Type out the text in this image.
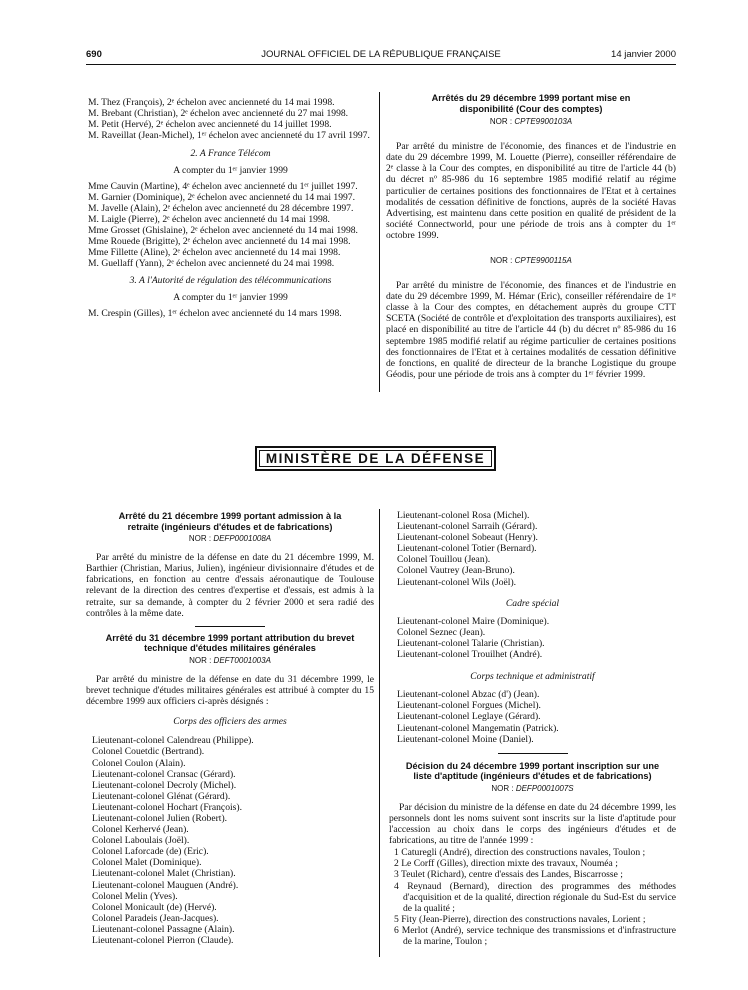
690	JOURNAL OFFICIEL DE LA RÉPUBLIQUE FRANÇAISE	14 janvier 2000

M. Thez (François), 2ᵉ échelon avec ancienneté du 14 mai 1998.

M. Brebant (Christian), 2ᵉ échelon avec ancienneté du 27 mai 1998.

M. Petit (Hervé), 2ᵉ échelon avec ancienneté du 14 juillet 1998.

M. Raveillat (Jean-Michel), 1ᵉʳ échelon avec ancienneté du 17 avril 1997.

2. A France Télécom

A compter du 1ᵉʳ janvier 1999

Mme Cauvin (Martine), 4ᵉ échelon avec ancienneté du 1ᵉʳ juillet 1997.

M. Garnier (Dominique), 2ᵉ échelon avec ancienneté du 14 mai 1997.

M. Javelle (Alain), 2ᵉ échelon avec ancienneté du 28 décembre 1997.

M. Laigle (Pierre), 2ᵉ échelon avec ancienneté du 14 mai 1998.

Mme Grosset (Ghislaine), 2ᵉ échelon avec ancienneté du 14 mai 1998.

Mme Rouede (Brigitte), 2ᵉ échelon avec ancienneté du 14 mai 1998.

Mme Fillette (Aline), 2ᵉ échelon avec ancienneté du 14 mai 1998.

M. Guellaff (Yann), 2ᵉ échelon avec ancienneté du 24 mai 1998.

3. A l'Autorité de régulation des télécommunications

A compter du 1ᵉʳ janvier 1999

M. Crespin (Gilles), 1ᵉʳ échelon avec ancienneté du 14 mars 1998.

Arrêtés du 29 décembre 1999 portant mise en disponibilité (Cour des comptes)
NOR : CPTE9900103A

Par arrêté du ministre de l'économie, des finances et de l'industrie en date du 29 décembre 1999, M. Louette (Pierre), conseiller référendaire de 2ᵉ classe à la Cour des comptes, en disponibilité au titre de l'article 44 (b) du décret nº 85-986 du 16 septembre 1985 modifié relatif au régime particulier de certaines positions des fonctionnaires de l'Etat et à certaines modalités de cessation définitive de fonctions, auprès de la société Havas Advertising, est maintenu dans cette position en qualité de président de la société Connectworld, pour une période de trois ans à compter du 1ᵉʳ octobre 1999.

NOR : CPTE9900115A

Par arrêté du ministre de l'économie, des finances et de l'industrie en date du 29 décembre 1999, M. Hémar (Eric), conseiller référendaire de 1ʳᵉ classe à la Cour des comptes, en détachement auprès du groupe CTT SCETA (Société de contrôle et d'exploitation des transports auxiliaires), est placé en disponibilité au titre de l'article 44 (b) du décret nº 85-986 du 16 septembre 1985 modifié relatif au régime particulier de certaines positions des fonctionnaires de l'Etat et à certaines modalités de cessation définitive de fonctions, en qualité de directeur de la branche Logistique du groupe Géodis, pour une période de trois ans à compter du 1ᵉʳ février 1999.

MINISTÈRE DE LA DÉFENSE
Arrêté du 21 décembre 1999 portant admission à la retraite (ingénieurs d'études et de fabrications)
NOR : DEFP0001008A

Par arrêté du ministre de la défense en date du 21 décembre 1999, M. Barthier (Christian, Marius, Julien), ingénieur divisionnaire d'études et de fabrications, en fonction au centre d'essais aéronautique de Toulouse relevant de la direction des centres d'expertise et d'essais, est admis à la retraite, sur sa demande, à compter du 2 février 2000 et sera radié des contrôles à la même date.

Arrêté du 31 décembre 1999 portant attribution du brevet technique d'études militaires générales
NOR : DEFT0001003A

Par arrêté du ministre de la défense en date du 31 décembre 1999, le brevet technique d'études militaires générales est attribué à compter du 15 décembre 1999 aux officiers ci-après désignés :

Corps des officiers des armes

Lieutenant-colonel Calendreau (Philippe).

Colonel Couetdic (Bertrand).

Colonel Coulon (Alain).

Lieutenant-colonel Cransac (Gérard).

Lieutenant-colonel Decroly (Michel).

Lieutenant-colonel Glénat (Gérard).

Lieutenant-colonel Hochart (François).

Lieutenant-colonel Julien (Robert).

Colonel Kerhervé (Jean).

Colonel Laboulais (Joël).

Colonel Laforcade (de) (Eric).

Colonel Malet (Dominique).

Lieutenant-colonel Malet (Christian).

Lieutenant-colonel Mauguen (André).

Colonel Melin (Yves).

Colonel Monicault (de) (Hervé).

Colonel Paradeis (Jean-Jacques).

Lieutenant-colonel Passagne (Alain).

Lieutenant-colonel Pierron (Claude).

Lieutenant-colonel Rosa (Michel).

Lieutenant-colonel Sarraih (Gérard).

Lieutenant-colonel Sobeaut (Henry).

Lieutenant-colonel Totier (Bernard).

Colonel Touillou (Jean).

Colonel Vautrey (Jean-Bruno).

Lieutenant-colonel Wils (Joël).

Cadre spécial

Lieutenant-colonel Maire (Dominique).

Colonel Seznec (Jean).

Lieutenant-colonel Talarie (Christian).

Lieutenant-colonel Trouilhet (André).

Corps technique et administratif

Lieutenant-colonel Abzac (d') (Jean).

Lieutenant-colonel Forgues (Michel).

Lieutenant-colonel Leglaye (Gérard).

Lieutenant-colonel Mangematin (Patrick).

Lieutenant-colonel Moine (Daniel).

Décision du 24 décembre 1999 portant inscription sur une liste d'aptitude (ingénieurs d'études et de fabrications)
NOR : DEFP0001007S

Par décision du ministre de la défense en date du 24 décembre 1999, les personnels dont les noms suivent sont inscrits sur la liste d'aptitude pour l'accession au choix dans le corps des ingénieurs d'études et de fabrications, au titre de l'année 1999 :

1 Caturegli (André), direction des constructions navales, Toulon ;

2 Le Corff (Gilles), direction mixte des travaux, Nouméa ;

3 Teulet (Richard), centre d'essais des Landes, Biscarrosse ;

4 Reynaud (Bernard), direction des programmes des méthodes d'acquisition et de la qualité, direction régionale du Sud-Est du service de la qualité ;

5 Fity (Jean-Pierre), direction des constructions navales, Lorient ;

6 Merlot (André), service technique des transmissions et d'infrastructure de la marine, Toulon ;
